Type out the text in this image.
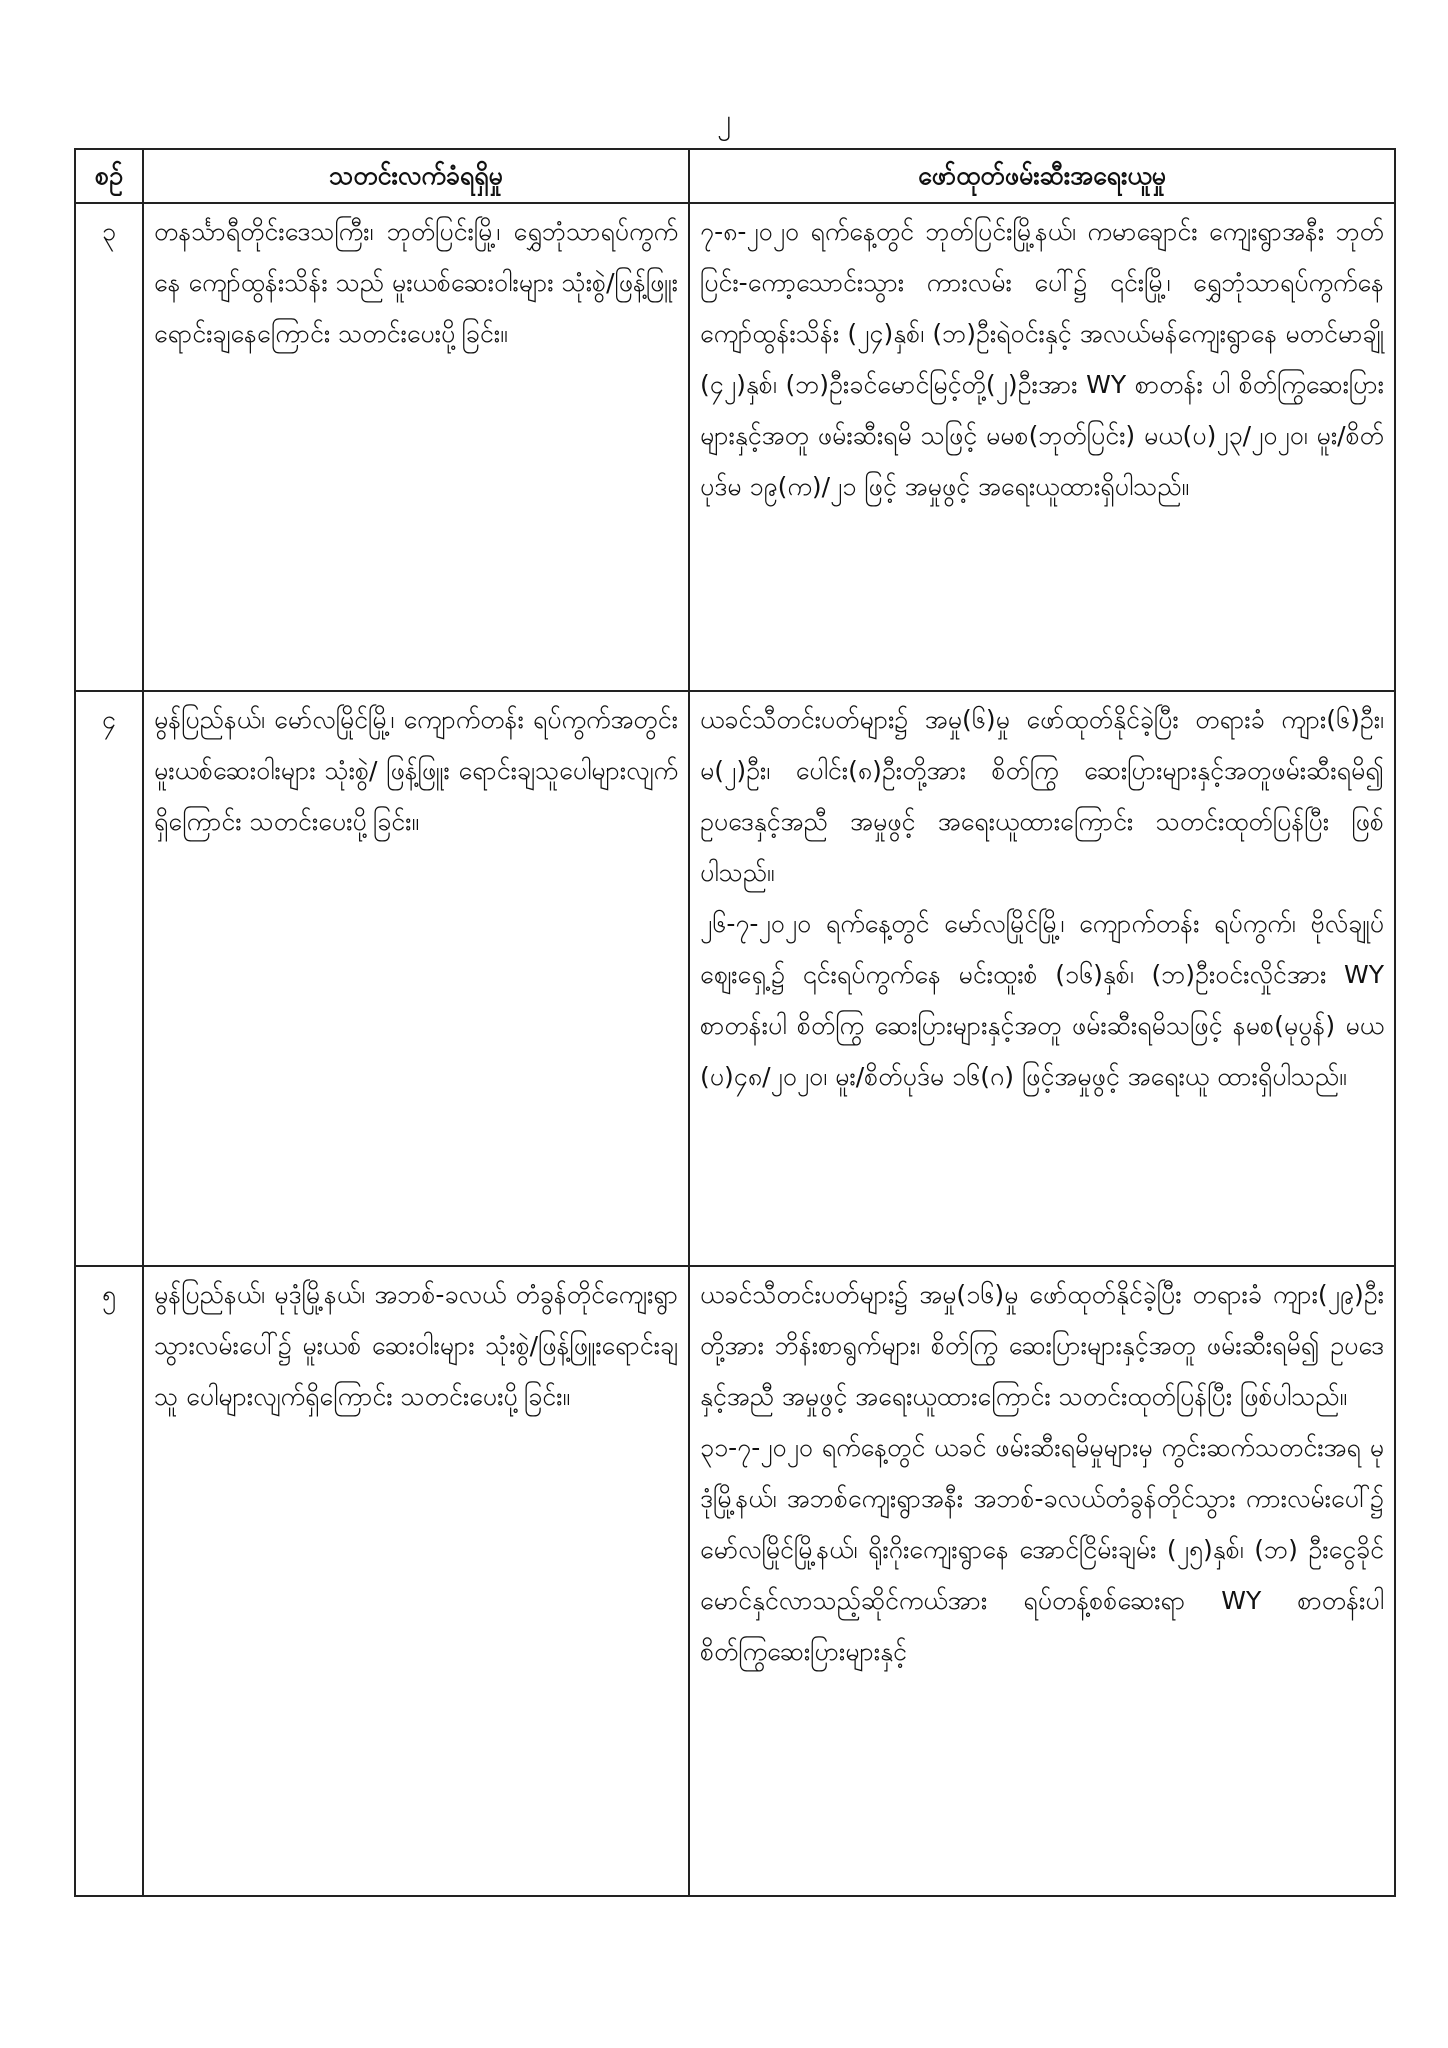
၂
စဉ်	သတင်းလက်ခံရရှိမှု	ဖော်ထုတ်ဖမ်းဆီးအရေးယူမှု
၃	တနင်္သာရီတိုင်းဒေသကြီး၊ ဘုတ်ပြင်းမြို့၊ ရွှေဘုံသာရပ်ကွက်နေ ကျော်ထွန်းသိန်း သည် မူးယစ်ဆေးဝါးများ သုံးစွဲ/ဖြန့်ဖြူး ရောင်းချနေကြောင်း သတင်းပေးပို့ခြင်း။	၇-၈-၂၀၂၀ ရက်နေ့တွင် ဘုတ်ပြင်းမြို့နယ်၊ ကမာချောင်း ကျေးရွာအနီး ဘုတ်ပြင်း-ကော့သောင်းသွား ကားလမ်း ပေါ်၌ ၎င်းမြို့၊ ရွှေဘုံသာရပ်ကွက်နေ ကျော်ထွန်းသိန်း (၂၄)နှစ်၊ (ဘ)ဦးရဲဝင်းနှင့် အလယ်မန်ကျေးရွာနေ မတင်မာချို (၄၂)နှစ်၊ (ဘ)ဦးခင်မောင်မြင့်တို့(၂)ဦးအား WY စာတန်း ပါ စိတ်ကြွဆေးပြားများနှင့်အတူ ဖမ်းဆီးရမိ သဖြင့် မမစ(ဘုတ်ပြင်း) မယ(ပ)၂၃/၂၀၂၀၊ မူး/စိတ်ပုဒ်မ ၁၉(က)/၂၁ ဖြင့် အမှုဖွင့် အရေးယူထားရှိပါသည်။

၄	မွန်ပြည်နယ်၊ မော်လမြိုင်မြို့၊ ကျောက်တန်း ရပ်ကွက်အတွင်း မူးယစ်ဆေးဝါးများ သုံးစွဲ/ ဖြန့်ဖြူး ရောင်းချသူပေါများလျက်ရှိကြောင်း သတင်းပေးပို့ခြင်း။	ယခင်သီတင်းပတ်များ၌ အမှု(၆)မှု ဖော်ထုတ်နိုင်ခဲ့ပြီး တရားခံ ကျား(၆)ဦး၊ မ(၂)ဦး၊ ပေါင်း(၈)ဦးတို့အား စိတ်ကြွ ဆေးပြားများနှင့်အတူဖမ်းဆီးရမိ၍ ဥပဒေနှင့်အညီ အမှုဖွင့် အရေးယူထားကြောင်း သတင်းထုတ်ပြန်ပြီး ဖြစ်ပါသည်။
၂၆-၇-၂၀၂၀ ရက်နေ့တွင် မော်လမြိုင်မြို့၊ ကျောက်တန်း ရပ်ကွက်၊ ဗိုလ်ချုပ်ဈေးရှေ့၌ ၎င်းရပ်ကွက်နေ မင်းထူးစံ (၁၆)နှစ်၊ (ဘ)ဦးဝင်းလှိုင်အား WY စာတန်းပါ စိတ်ကြွ ဆေးပြားများနှင့်အတူ ဖမ်းဆီးရမိသဖြင့် နမစ(မုပွန်) မယ (ပ)၄၈/၂၀၂၀၊ မူး/စိတ်ပုဒ်မ ၁၆(ဂ) ဖြင့်အမှုဖွင့် အရေးယူ ထားရှိပါသည်။

၅	မွန်ပြည်နယ်၊ မုဒုံမြို့နယ်၊ အဘစ်-ခလယ် တံခွန်တိုင်ကျေးရွာသွားလမ်းပေါ်၌ မူးယစ် ဆေးဝါးများ သုံးစွဲ/ဖြန့်ဖြူးရောင်းချသူ ပေါများလျက်ရှိကြောင်း သတင်းပေးပို့ခြင်း။	ယခင်သီတင်းပတ်များ၌ အမှု(၁၆)မှု ဖော်ထုတ်နိုင်ခဲ့ပြီး တရားခံ ကျား(၂၉)ဦးတို့အား ဘိန်းစာရွက်များ၊ စိတ်ကြွ ဆေးပြားများနှင့်အတူ ဖမ်းဆီးရမိ၍ ဥပဒေနှင့်အညီ အမှုဖွင့် အရေးယူထားကြောင်း သတင်းထုတ်ပြန်ပြီး ဖြစ်ပါသည်။
၃၁-၇-၂၀၂၀ ရက်နေ့တွင် ယခင် ဖမ်းဆီးရမိမှုများမှ ကွင်းဆက်သတင်းအရ မုဒုံမြို့နယ်၊ အဘစ်ကျေးရွာအနီး အဘစ်-ခလယ်တံခွန်တိုင်သွား ကားလမ်းပေါ်၌ မော်လမြိုင်မြို့နယ်၊ ရိုးဂိုးကျေးရွာနေ အောင်ငြိမ်းချမ်း (၂၅)နှစ်၊ (ဘ) ဦးငွေခိုင်မောင်နှင်လာသည့်ဆိုင်ကယ်အား ရပ်တန့်စစ်ဆေးရာ WY စာတန်းပါ စိတ်ကြွဆေးပြားများနှင့်
